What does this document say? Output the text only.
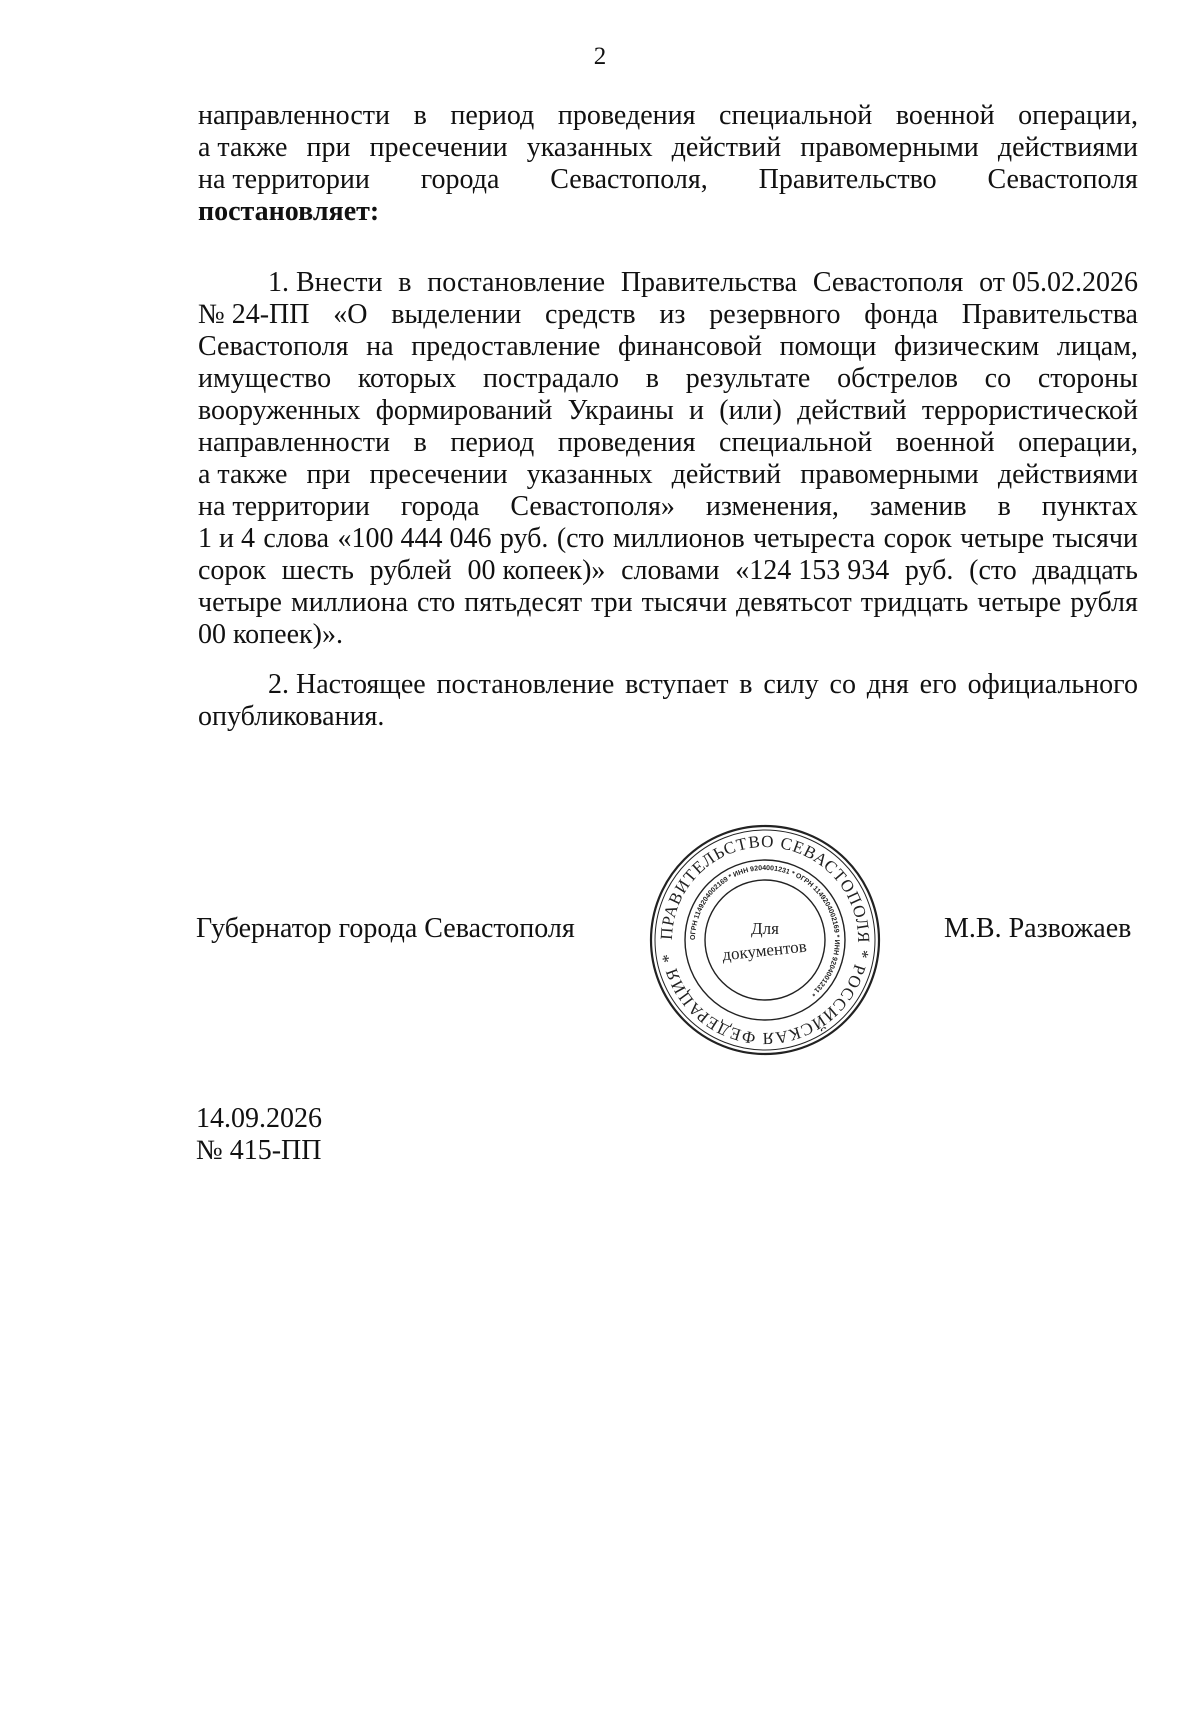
2
направленности в период проведения специальной военной операции,
а также при пресечении указанных действий правомерными действиями
на территории города Севастополя, Правительство Севастополя
постановляет:
1. Внести в постановление Правительства Севастополя от 05.02.2026
№ 24-ПП «О выделении средств из резервного фонда Правительства
Севастополя на предоставление финансовой помощи физическим лицам,
имущество которых пострадало в результате обстрелов со стороны
вооруженных формирований Украины и (или) действий террористической
направленности в период проведения специальной военной операции,
а также при пресечении указанных действий правомерными действиями
на территории города Севастополя» изменения, заменив в пунктах
1 и 4 слова «100 444 046 руб. (сто миллионов четыреста сорок четыре тысячи
сорок шесть рублей 00 копеек)» словами «124 153 934 руб. (сто двадцать
четыре миллиона сто пятьдесят три тысячи девятьсот тридцать четыре рубля
00 копеек)».
2. Настоящее постановление вступает в силу со дня его официального
опубликования.
Губернатор города Севастополя	М.В. Развожаев
ПРАВИТЕЛЬСТВО СЕВАСТОПОЛЯ * РОССИЙСКАЯ ФЕДЕРАЦИЯ *
ОГРН 1149204002169 * ИНН 9204001231 * ОГРН 1149204002169 * ИНН 9204001231 *
Для
документов
14.09.2026
№ 415-ПП
